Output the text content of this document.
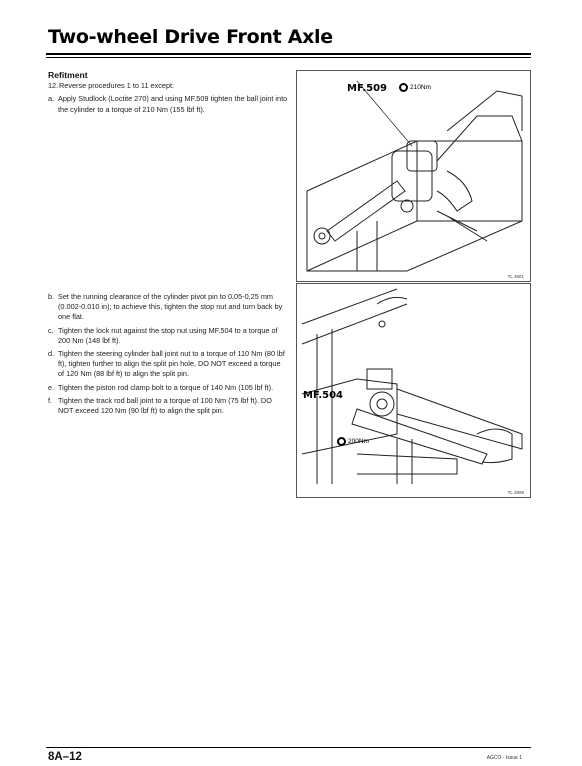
Two-wheel Drive Front Axle
Refitment
12. Reverse procedures 1 to 11 except:
a. Apply Studlock (Loctite 270) and using MF.509 tighten the ball joint into the cylinder to a torque of 210 Nm (155 lbf ft).
b. Set the running clearance of the cylinder pivot pin to 0,05-0,25 mm (0.002-0.010 in); to achieve this, tighten the stop nut and turn back by one flat.
c. Tighten the lock nut against the stop nut using MF.504 to a torque of 200 Nm (148 lbf ft).
d. Tighten the steering cylinder ball joint nut to a torque of 110 Nm (80 lbf ft), tighten further to align the split pin hole, DO NOT exceed a torque of 120 Nm (88 lbf ft) to align the split pin.
e. Tighten the piston rod clamp bolt to a torque of 140 Nm (105 lbf ft).
f. Tighten the track rod ball joint to a torque of 100 Nm (75 lbf ft). DO NOT exceed 120 Nm (90 lbf ft) to align the split pin.
MF.509	210Nm
TL 3581
MF.504
200Nm
TL 3898
8A–12	AGCO - Issue 1
